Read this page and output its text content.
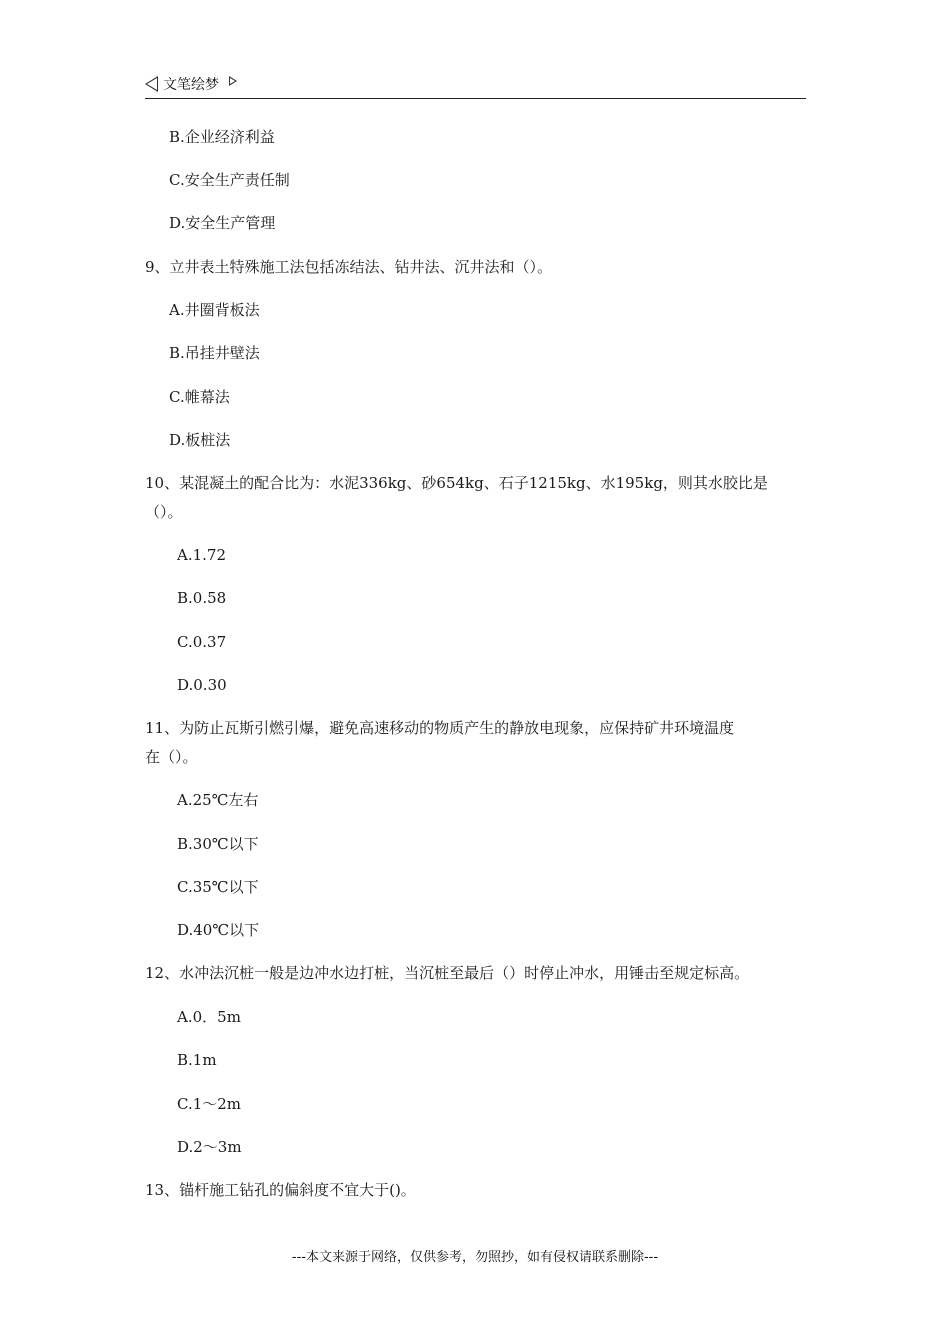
文笔绘梦
B.企业经济利益
C.安全生产责任制
D.安全生产管理
9、立井表土特殊施工法包括冻结法、钻井法、沉井法和（）。
A.井圈背板法
B.吊挂井壁法
C.帷幕法
D.板桩法
10、某混凝土的配合比为：水泥336kg、砂654kg、石子1215kg、水195kg，则其水胶比是
（）。
A.1.72
B.0.58
C.0.37
D.0.30
11、为防止瓦斯引燃引爆，避免高速移动的物质产生的静放电现象，应保持矿井环境温度
在（）。
A.25℃左右
B.30℃以下
C.35℃以下
D.40℃以下
12、水冲法沉桩一般是边冲水边打桩，当沉桩至最后（）时停止冲水，用锤击至规定标高。
A.0．5m
B.1m
C.1～2m
D.2～3m
13、锚杆施工钻孔的偏斜度不宜大于()。
---本文来源于网络，仅供参考，勿照抄，如有侵权请联系删除---
